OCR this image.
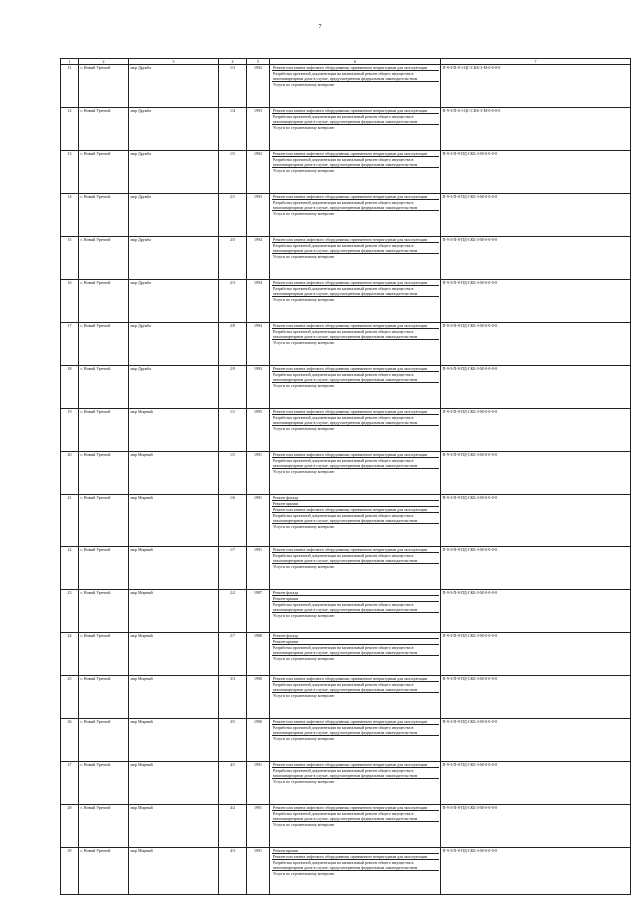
7
1	2	3	4	5	6	7
11	г. Новый Уренгой	мкр Дружба	1/3	1992	Ремонт или замена лифтового оборудования, признанного непригодным для эксплуатации
Разработка проектной документации на капитальный ремонт общего имущества в многоквартирном доме в случае, предусмотренном федеральным законодательством
Услуги по строительному контролю	П-9-3-П-8-1-ЦС-СКБ-3-М-0-0-0-0
12	г. Новый Уренгой	мкр Дружба	1/4	1993	Ремонт или замена лифтового оборудования, признанного непригодным для эксплуатации
Разработка проектной документации на капитальный ремонт общего имущества в многоквартирном доме в случае, предусмотренном федеральным законодательством
Услуги по строительному контролю	П-9-3-П-8-1-ЦС-СКБ-3-М-0-0-0-0
13	г. Новый Уренгой	мкр Дружба	1/5	1992	Ремонт или замена лифтового оборудования, признанного непригодным для эксплуатации
Разработка проектной документации на капитальный ремонт общего имущества в многоквартирном доме в случае, предусмотренном федеральным законодательством
Услуги по строительному контролю	П-9-3-П-8-ПД-СКБ-3-М-0-0-0-0
14	г. Новый Уренгой	мкр Дружба	2/1	1993	Ремонт или замена лифтового оборудования, признанного непригодным для эксплуатации
Разработка проектной документации на капитальный ремонт общего имущества в многоквартирном доме в случае, предусмотренном федеральным законодательством
Услуги по строительному контролю	П-9-3-П-8-ПД-СКБ-3-М-0-0-0-0
15	г. Новый Уренгой	мкр Дружба	2/5	1994	Ремонт или замена лифтового оборудования, признанного непригодным для эксплуатации
Разработка проектной документации на капитальный ремонт общего имущества в многоквартирном доме в случае, предусмотренном федеральным законодательством
Услуги по строительному контролю	П-9-3-П-8-ПД-СКБ-3-М-0-0-0-0
16	г. Новый Уренгой	мкр Дружба	2/3	1994	Ремонт или замена лифтового оборудования, признанного непригодным для эксплуатации
Разработка проектной документации на капитальный ремонт общего имущества в многоквартирном доме в случае, предусмотренном федеральным законодательством
Услуги по строительному контролю	П-9-3-П-8-ПД-СКБ-3-М-0-0-0-0
17	г. Новый Уренгой	мкр Дружба	2/8	1994	Ремонт или замена лифтового оборудования, признанного непригодным для эксплуатации
Разработка проектной документации на капитальный ремонт общего имущества в многоквартирном доме в случае, предусмотренном федеральным законодательством
Услуги по строительному контролю	П-9-3-П-8-ПД-СКБ-3-М-0-0-0-0
18	г. Новый Уренгой	мкр Дружба	2/9	1993	Ремонт или замена лифтового оборудования, признанного непригодным для эксплуатации
Разработка проектной документации на капитальный ремонт общего имущества в многоквартирном доме в случае, предусмотренном федеральным законодательством
Услуги по строительному контролю	П-9-3-П-8-ПД-СКБ-3-М-0-0-0-0
19	г. Новый Уренгой	мкр Мирный	1/1	1995	Ремонт или замена лифтового оборудования, признанного непригодным для эксплуатации
Разработка проектной документации на капитальный ремонт общего имущества в многоквартирном доме в случае, предусмотренном федеральным законодательством
Услуги по строительному контролю	П-9-3-П-8-ПД-СКБ-3-М-0-0-0-0
20	г. Новый Уренгой	мкр Мирный	1/5	1991	Ремонт или замена лифтового оборудования, признанного непригодным для эксплуатации
Разработка проектной документации на капитальный ремонт общего имущества в многоквартирном доме в случае, предусмотренном федеральным законодательством
Услуги по строительному контролю	П-9-3-П-8-ПД-СКБ-3-М-0-0-0-0
21	г. Новый Уренгой	мкр Мирный	1/6	1991	Ремонт фасада
Ремонт крыши
Ремонт или замена лифтового оборудования, признанного непригодным для эксплуатации
Разработка проектной документации на капитальный ремонт общего имущества в многоквартирном доме в случае, предусмотренном федеральным законодательством
Услуги по строительному контролю	П-9-3-П-8-ПД-СКБ-3-М-0-0-0-0
22	г. Новый Уренгой	мкр Мирный	1/7	1991	Ремонт или замена лифтового оборудования, признанного непригодным для эксплуатации
Разработка проектной документации на капитальный ремонт общего имущества в многоквартирном доме в случае, предусмотренном федеральным законодательством
Услуги по строительному контролю	П-9-3-П-8-ПД-СКБ-3-М-0-0-0-0
23	г. Новый Уренгой	мкр Мирный	2/2	1987	Ремонт фасада
Ремонт крыши
Разработка проектной документации на капитальный ремонт общего имущества в многоквартирном доме в случае, предусмотренном федеральным законодательством
Услуги по строительному контролю	П-9-3-П-8-ПД-СКБ-3-М-0-0-0-0
24	г. Новый Уренгой	мкр Мирный	2/7	1988	Ремонт фасада
Ремонт крыши
Разработка проектной документации на капитальный ремонт общего имущества в многоквартирном доме в случае, предусмотренном федеральным законодательством
Услуги по строительному контролю	П-9-3-П-8-ПД-СКБ-3-М-0-0-0-0
25	г. Новый Уренгой	мкр Мирный	3/3	1990	Ремонт или замена лифтового оборудования, признанного непригодным для эксплуатации
Разработка проектной документации на капитальный ремонт общего имущества в многоквартирном доме в случае, предусмотренном федеральным законодательством
Услуги по строительному контролю	П-9-3-П-8-ПД-СКБ-3-М-0-0-0-0
26	г. Новый Уренгой	мкр Мирный	3/5	1990	Ремонт или замена лифтового оборудования, признанного непригодным для эксплуатации
Разработка проектной документации на капитальный ремонт общего имущества в многоквартирном доме в случае, предусмотренном федеральным законодательством
Услуги по строительному контролю	П-9-3-П-8-ПД-СКБ-3-М-0-0-0-0
27	г. Новый Уренгой	мкр Мирный	4/1	1991	Ремонт или замена лифтового оборудования, признанного непригодным для эксплуатации
Разработка проектной документации на капитальный ремонт общего имущества в многоквартирном доме в случае, предусмотренном федеральным законодательством
Услуги по строительному контролю	П-9-3-П-8-ПД-СКБ-3-М-0-0-0-0
28	г. Новый Уренгой	мкр Мирный	4/2	1991	Ремонт или замена лифтового оборудования, признанного непригодным для эксплуатации
Разработка проектной документации на капитальный ремонт общего имущества в многоквартирном доме в случае, предусмотренном федеральным законодательством
Услуги по строительному контролю	П-9-3-П-8-ПД-СКБ-3-М-0-0-0-0
29	г. Новый Уренгой	мкр Мирный	4/3	1991	Ремонт крыши
Ремонт или замена лифтового оборудования, признанного непригодным для эксплуатации
Разработка проектной документации на капитальный ремонт общего имущества в многоквартирном доме в случае, предусмотренном федеральным законодательством
Услуги по строительному контролю	П-9-3-П-8-ПД-СКБ-3-М-0-0-0-0
